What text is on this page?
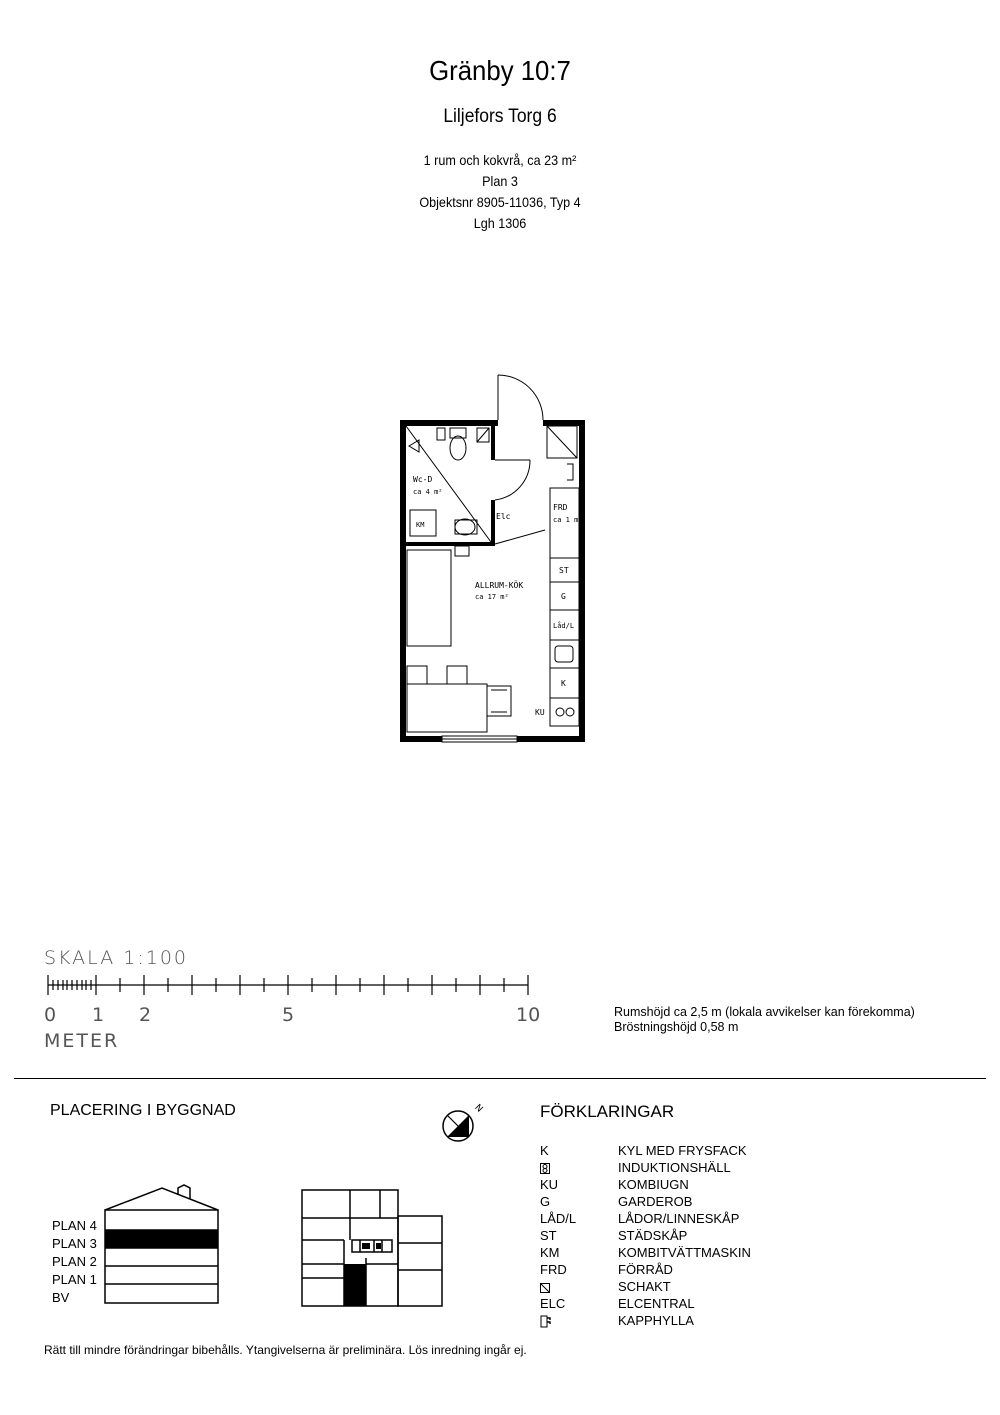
Gränby 10:7
Liljefors Torg 6
1 rum och kokvrå, ca 23 m²
Plan 3
Objektsnr 8905-11036, Typ 4
Lgh 1306
Wc-D
ca 4 m²
KM
Elc
FRD
ca 1 m²
ALLRUM-KÖK
ca 17 m²
ST
G
Låd/L
K
KU
SKALA 1:100
0 1 2	5	10
METER
Rumshöjd ca 2,5 m (lokala avvikelser kan förekomma)
Bröstningshöjd 0,58 m
PLACERING I BYGGNAD	N
PLAN 4
PLAN 3
PLAN 2
PLAN 1
BV
FÖRKLARINGAR
K	KYL MED FRYSFACK
INDUKTIONSHÄLL
KU	KOMBIUGN
G	GARDEROB
LÅD/L	LÅDOR/LINNESKÅP
ST	STÄDSKÅP
KM	KOMBITVÄTTMASKIN
FRD	FÖRRÅD
SCHAKT
ELC	ELCENTRAL
KAPPHYLLA
Rätt till mindre förändringar bibehålls. Ytangivelserna är preliminära. Lös inredning ingår ej.
